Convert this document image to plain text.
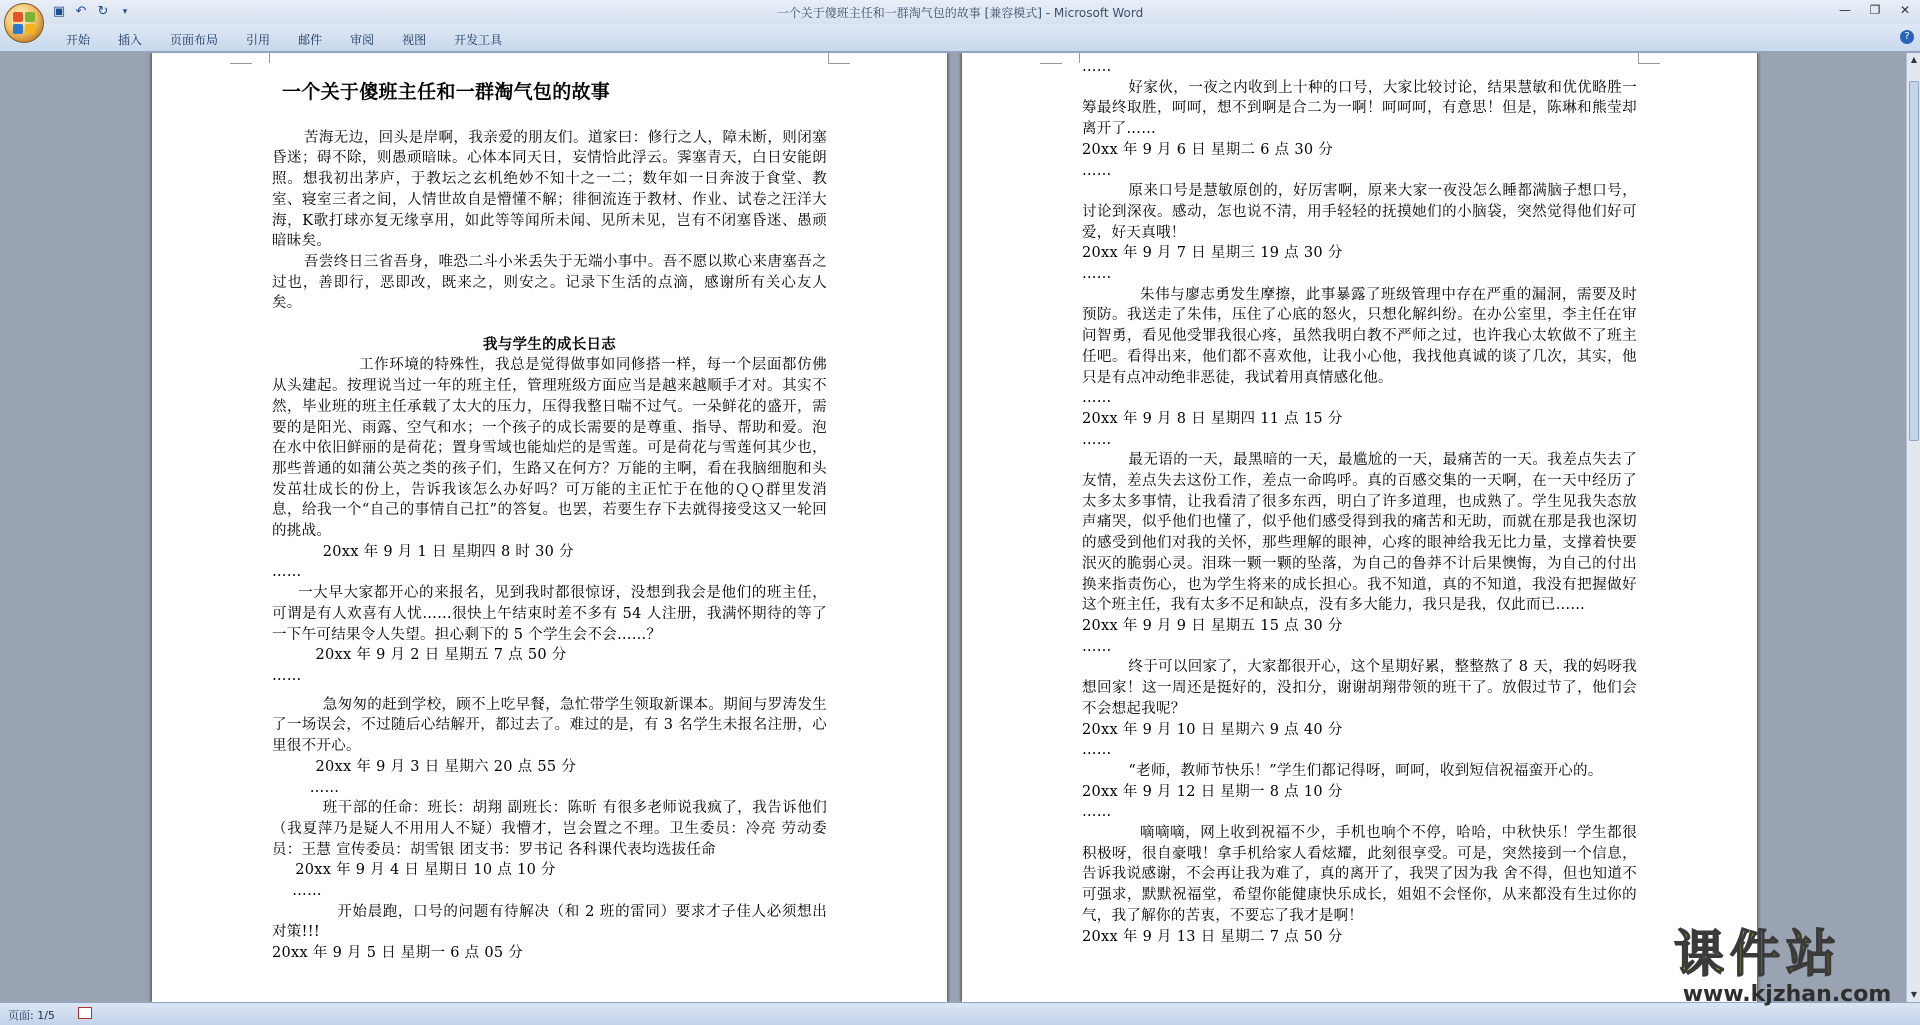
▣ ↶ ↻	▾	一个关于傻班主任和一群淘气包的故事 [兼容模式] - Microsoft Word	—	❐	✕
开始	插入	页面布局	引用	邮件	审阅	视图	开发工具	?

一个关于傻班主任和一群淘气包的故事

苦海无边，回头是岸啊，我亲爱的朋友们。道家曰：修行之人，障未断，则闭塞昏迷；碍不除，则愚顽暗昧。心体本同天日，妄情恰此浮云。霁塞青天，白日安能朗照。想我初出茅庐，于教坛之玄机绝妙不知十之一二；数年如一日奔波于食堂、教室、寝室三者之间，人情世故自是懵懂不解；徘徊流连于教材、作业、试卷之汪洋大海，K歌打球亦复无缘享用，如此等等闻所未闻、见所未见，岂有不闭塞昏迷、愚顽暗昧矣。

吾尝终日三省吾身，唯恐二斗小米丢失于无端小事中。吾不愿以欺心来唐塞吾之过也，善即行，恶即改，既来之，则安之。记录下生活的点滴，感谢所有关心友人矣。

我与学生的成长日志

工作环境的特殊性，我总是觉得做事如同修搭一样，每一个层面都仿佛从头建起。按理说当过一年的班主任，管理班级方面应当是越来越顺手才对。其实不然，毕业班的班主任承载了太大的压力，压得我整日喘不过气。一朵鲜花的盛开，需要的是阳光、雨露、空气和水；一个孩子的成长需要的是尊重、指导、帮助和爱。泡在水中依旧鲜丽的是荷花；置身雪域也能灿烂的是雪莲。可是荷花与雪莲何其少也，那些普通的如蒲公英之类的孩子们，生路又在何方？万能的主啊，看在我脑细胞和头发茁壮成长的份上，告诉我该怎么办好吗？可万能的主正忙于在他的ＱＱ群里发消息，给我一个“自己的事情自己扛”的答复。也罢，若要生存下去就得接受这又一轮回的挑战。

20xx 年 9 月 1 日 星期四 8 时 30 分

……

一大早大家都开心的来报名，见到我时都很惊讶，没想到我会是他们的班主任，可谓是有人欢喜有人忧……很快上午结束时差不多有 54 人注册，我满怀期待的等了一下午可结果令人失望。担心剩下的 5 个学生会不会……？

20xx 年 9 月 2 日 星期五 7 点 50 分

……

急匆匆的赶到学校，顾不上吃早餐，急忙带学生领取新课本。期间与罗涛发生了一场误会，不过随后心结解开，都过去了。难过的是，有 3 名学生未报名注册，心里很不开心。

20xx 年 9 月 3 日 星期六 20 点 55 分

……

班干部的任命：班长：胡翔 副班长：陈昕 有很多老师说我疯了，我告诉他们（我夏萍乃是疑人不用用人不疑）我懵才，岂会置之不理。卫生委员：冷亮 劳动委员：王慧 宣传委员：胡雪银 团支书：罗书记 各科课代表均选拔任命

20xx 年 9 月 4 日 星期日 10 点 10 分

……

开始晨跑，口号的问题有待解决（和 2 班的雷同）要求才子佳人必须想出对策!!!

20xx 年 9 月 5 日 星期一 6 点 05 分

……

好家伙，一夜之内收到上十种的口号，大家比较讨论，结果慧敏和优优略胜一筹最终取胜，呵呵，想不到啊是合二为一啊！呵呵呵，有意思！但是，陈琳和熊莹却离开了……

20xx 年 9 月 6 日 星期二 6 点 30 分

……

原来口号是慧敏原创的，好厉害啊，原来大家一夜没怎么睡都满脑子想口号，讨论到深夜。感动，怎也说不清，用手轻轻的抚摸她们的小脑袋，突然觉得他们好可爱，好天真哦！

20xx 年 9 月 7 日 星期三 19 点 30 分

……

朱伟与廖志勇发生摩擦，此事暴露了班级管理中存在严重的漏洞，需要及时预防。我送走了朱伟，压住了心底的怒火，只想化解纠纷。在办公室里，李主任在审问智勇，看见他受罪我很心疼，虽然我明白教不严师之过，也许我心太软做不了班主任吧。看得出来，他们都不喜欢他，让我小心他，我找他真诚的谈了几次，其实，他只是有点冲动绝非恶徒，我试着用真情感化他。

……

20xx 年 9 月 8 日 星期四 11 点 15 分

……

最无语的一天，最黑暗的一天，最尴尬的一天，最痛苦的一天。我差点失去了友情，差点失去这份工作，差点一命呜呼。真的百感交集的一天啊，在一天中经历了太多太多事情，让我看清了很多东西，明白了许多道理，也成熟了。学生见我失态放声痛哭，似乎他们也懂了，似乎他们感受得到我的痛苦和无助，而就在那是我也深切的感受到他们对我的关怀，那些理解的眼神，心疼的眼神给我无比力量，支撑着快要泯灭的脆弱心灵。泪珠一颗一颗的坠落，为自己的鲁莽不计后果懊悔，为自己的付出换来指责伤心，也为学生将来的成长担心。我不知道，真的不知道，我没有把握做好这个班主任，我有太多不足和缺点，没有多大能力，我只是我，仅此而已……

20xx 年 9 月 9 日 星期五 15 点 30 分

……

终于可以回家了，大家都很开心，这个星期好累，整整熬了 8 天，我的妈呀我想回家！这一周还是挺好的，没扣分，谢谢胡翔带领的班干了。放假过节了，他们会不会想起我呢？

20xx 年 9 月 10 日 星期六 9 点 40 分

……

“老师，教师节快乐！”学生们都记得呀，呵呵，收到短信祝福蛮开心的。

20xx 年 9 月 12 日 星期一 8 点 10 分

……

嘀嘀嘀，网上收到祝福不少，手机也响个不停，哈哈，中秋快乐！学生都很积极呀，很自豪哦！拿手机给家人看炫耀，此刻很享受。可是，突然接到一个信息，告诉我说感谢，不会再让我为难了，真的离开了，我哭了因为我 舍不得，但也知道不可强求，默默祝福堂，希望你能健康快乐成长，姐姐不会怪你，从来都没有生过你的气，我了解你的苦衷，不要忘了我才是啊！

20xx 年 9 月 13 日 星期二 7 点 50 分

▲
▼
页面: 1/5
课件站
www.kjzhan.com
